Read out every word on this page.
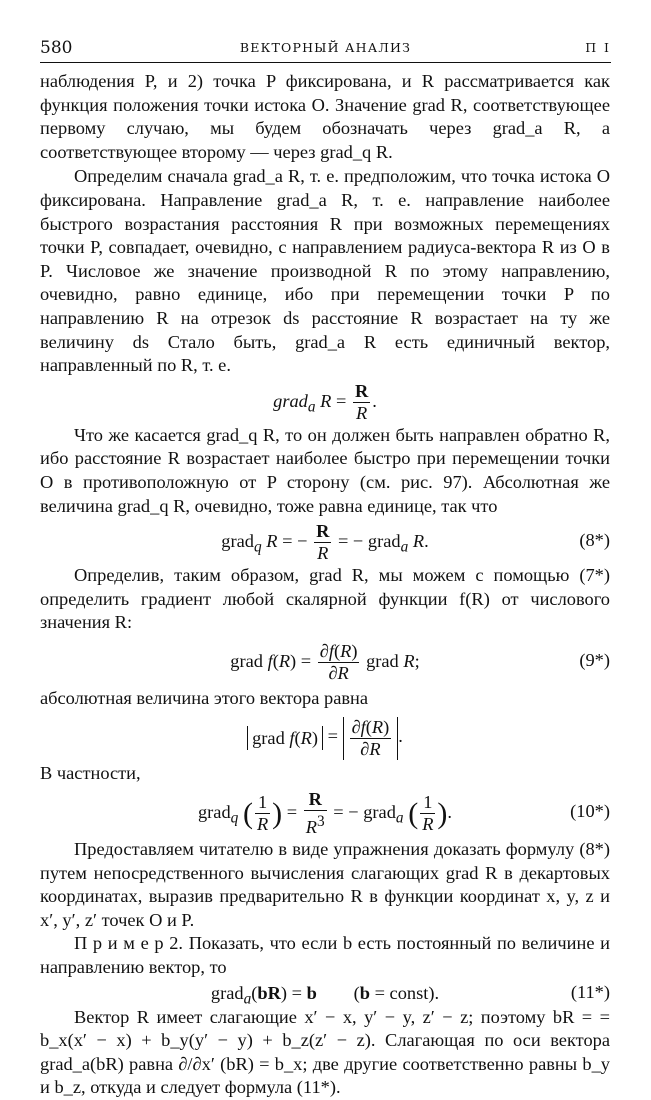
580	ВЕКТОРНЫЙ АНАЛИЗ	П I

наблюдения P, и 2) точка P фиксирована, и R рассматривается как функция положения точки истока O. Значение grad R, соответствующее первому случаю, мы будем обозначать через grad_a R, а соответствующее второму — через grad_q R.

Определим сначала grad_a R, т. е. предположим, что точка истока O фиксирована. Направление grad_a R, т. е. направление наиболее быстрого возрастания расстояния R при возможных перемещениях точки P, совпадает, очевидно, с направлением радиуса-вектора R из O в P. Числовое же значение производной R по этому направлению, очевидно, равно единице, ибо при перемещении точки P по направлению R на отрезок ds расстояние R возрастает на ту же величину ds Стало быть, grad_a R есть единичный вектор, направленный по R, т. е.

grad$_a$ $R = \frac{R}{R}$ .

Что же касается grad_q R, то он должен быть направлен обратно R, ибо расстояние R возрастает наиболее быстро при перемещении точки O в противоположную от P сторону (см. рис. 97). Абсолютная же величина grad_q R, очевидно, тоже равна единице, так что

grad$_q$ R = − $\frac{R}{R}$ = − grad$_a$ R.	(8*)

Определив, таким образом, grad R, мы можем с помощью (7*) определить градиент любой скалярной функции f(R) от числового значения R:

grad $f(R) = \frac{\partial f(R)}{\partial R}$ grad R;	(9*)

абсолютная величина этого вектора равна

grad $f(R) = \frac{\partial f(R)}{\partial R}$ .

В частности,

grad$_q$ ( $\frac{1}{R}$ ) = $\frac{R}{R^3}$ = − grad$_a$ ( $\frac{1}{R}$ ).	(10*)

Предоставляем читателю в виде упражнения доказать формулу (8*) путем непосредственного вычисления слагающих grad R в декартовых координатах, выразив предварительно R в функции координат x, y, z и x′, y′, z′ точек O и P.

П р и м е р 2. Показать, что если b есть постоянный по величине и направлению вектор, то

grad$_a$(bR) = b        (b = const).	(11*)

Вектор R имеет слагающие x′ − x, y′ − y, z′ − z; поэтому bR = = b_x(x′ − x) + b_y(y′ − y) + b_z(z′ − z). Слагающая по оси вектора grad_a(bR) равна ∂/∂x′ (bR) = b_x; две другие соответственно равны b_y и b_z, откуда и следует формула (11*).
